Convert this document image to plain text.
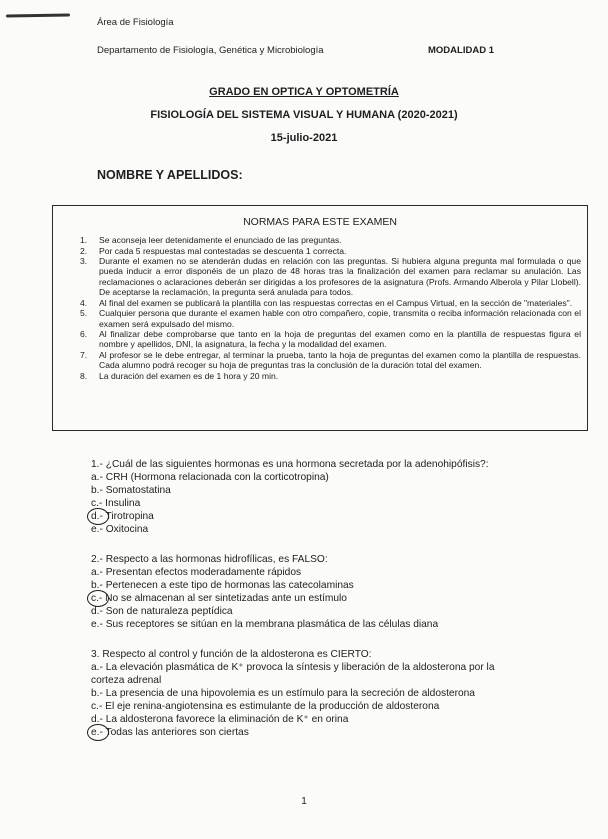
Área de Fisiología
Departamento de Fisiología, Genética y Microbiología	MODALIDAD 1
GRADO EN OPTICA Y OPTOMETRÍA
FISIOLOGÍA DEL SISTEMA VISUAL Y HUMANA (2020-2021)
15-julio-2021
NOMBRE Y APELLIDOS:
NORMAS PARA ESTE EXAMEN
1. Se aconseja leer detenidamente el enunciado de las preguntas.
2. Por cada 5 respuestas mal contestadas se descuenta 1 correcta.
3. Durante el examen no se atenderán dudas en relación con las preguntas. Si hubiera alguna pregunta mal formulada o que pueda inducir a error disponéis de un plazo de 48 horas tras la finalización del examen para reclamar su anulación. Las reclamaciones o aclaraciones deberán ser dirigidas a los profesores de la asignatura (Profs. Armando Alberola y Pilar Llobell). De aceptarse la reclamación, la pregunta será anulada para todos.
4. Al final del examen se publicará la plantilla con las respuestas correctas en el Campus Virtual, en la sección de "materiales".
5. Cualquier persona que durante el examen hable con otro compañero, copie, transmita o reciba información relacionada con el examen será expulsado del mismo.
6. Al finalizar debe comprobarse que tanto en la hoja de preguntas del examen como en la plantilla de respuestas figura el nombre y apellidos, DNI, la asignatura, la fecha y la modalidad del examen.
7. Al profesor se le debe entregar, al terminar la prueba, tanto la hoja de preguntas del examen como la plantilla de respuestas. Cada alumno podrá recoger su hoja de preguntas tras la conclusión de la duración total del examen.
8. La duración del examen es de 1 hora y 20 min.

1.- ¿Cuál de las siguientes hormonas es una hormona secretada por la adenohipófisis?:

a.- CRH (Hormona relacionada con la corticotropina)

b.- Somatostatina

c.- Insulina

d.- Tirotropina

e.- Oxitocina

2.- Respecto a las hormonas hidrofílicas, es FALSO:

a.- Presentan efectos moderadamente rápidos

b.- Pertenecen a este tipo de hormonas las catecolaminas

c.- No se almacenan al ser sintetizadas ante un estímulo

d.- Son de naturaleza peptídica

e.- Sus receptores se sitúan en la membrana plasmática de las células diana

3. Respecto al control y función de la aldosterona es CIERTO:

a.- La elevación plasmática de K⁺ provoca la síntesis y liberación de la aldosterona por la corteza adrenal

b.- La presencia de una hipovolemia es un estímulo para la secreción de aldosterona

c.- El eje renina-angiotensina es estimulante de la producción de aldosterona

d.- La aldosterona favorece la eliminación de K⁺ en orina

e.- Todas las anteriores son ciertas

1
